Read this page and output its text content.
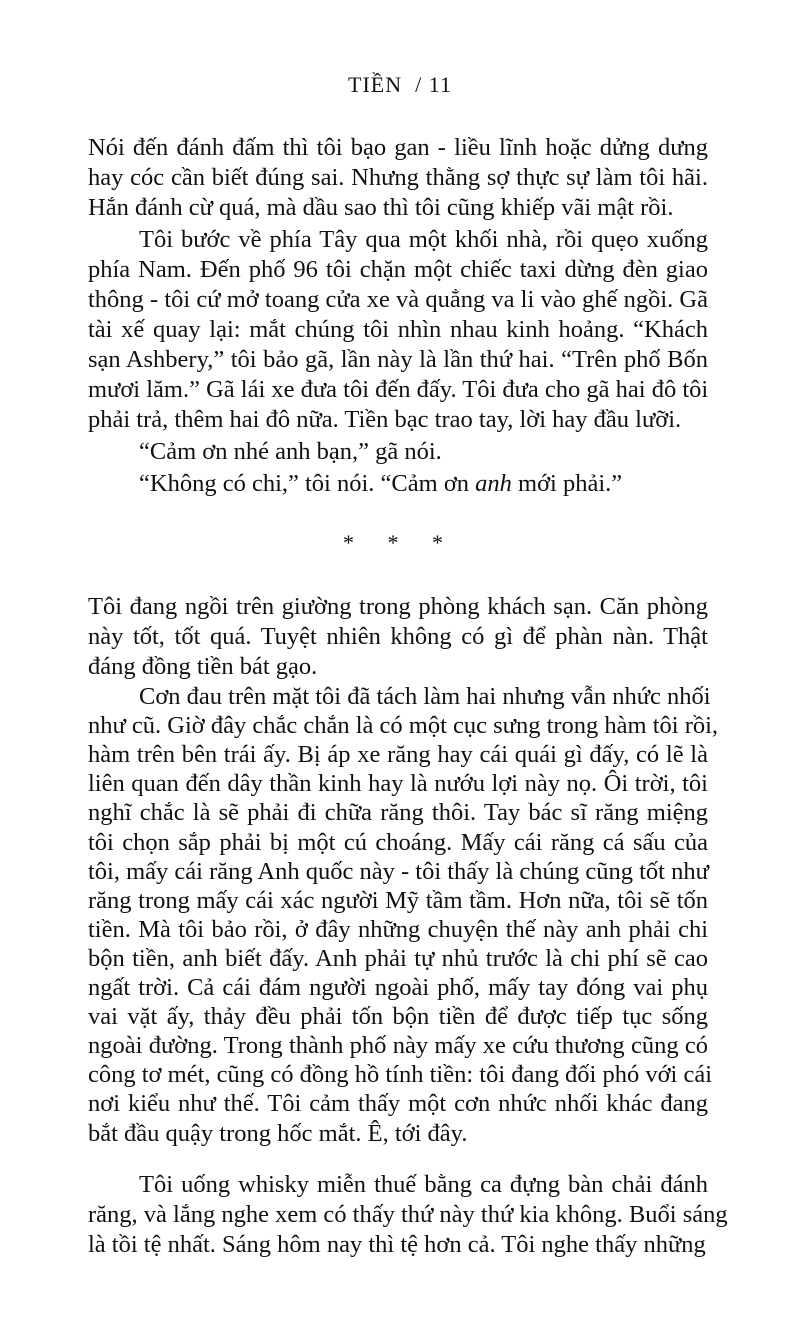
TIỀN / 11
Nói đến đánh đấm thì tôi bạo gan - liều lĩnh hoặc dửng dưng
hay cóc cần biết đúng sai. Nhưng thằng sợ thực sự làm tôi hãi.
Hắn đánh cừ quá, mà dầu sao thì tôi cũng khiếp vãi mật rồi.
Tôi bước về phía Tây qua một khối nhà, rồi quẹo xuống
phía Nam. Đến phố 96 tôi chặn một chiếc taxi dừng đèn giao
thông - tôi cứ mở toang cửa xe và quẳng va li vào ghế ngồi. Gã
tài xế quay lại: mắt chúng tôi nhìn nhau kinh hoảng. “Khách
sạn Ashbery,” tôi bảo gã, lần này là lần thứ hai. “Trên phố Bốn
mươi lăm.” Gã lái xe đưa tôi đến đấy. Tôi đưa cho gã hai đô tôi
phải trả, thêm hai đô nữa. Tiền bạc trao tay, lời hay đầu lưỡi.
“Cảm ơn nhé anh bạn,” gã nói.
“Không có chi,” tôi nói. “Cảm ơn anh mới phải.”
Tôi đang ngồi trên giường trong phòng khách sạn. Căn phòng
này tốt, tốt quá. Tuyệt nhiên không có gì để phàn nàn. Thật
đáng đồng tiền bát gạo.
Cơn đau trên mặt tôi đã tách làm hai nhưng vẫn nhức nhối
như cũ. Giờ đây chắc chắn là có một cục sưng trong hàm tôi rồi,
hàm trên bên trái ấy. Bị áp xe răng hay cái quái gì đấy, có lẽ là
liên quan đến dây thần kinh hay là nướu lợi này nọ. Ôi trời, tôi
nghĩ chắc là sẽ phải đi chữa răng thôi. Tay bác sĩ răng miệng
tôi chọn sắp phải bị một cú choáng. Mấy cái răng cá sấu của
tôi, mấy cái răng Anh quốc này - tôi thấy là chúng cũng tốt như
răng trong mấy cái xác người Mỹ tầm tầm. Hơn nữa, tôi sẽ tốn
tiền. Mà tôi bảo rồi, ở đây những chuyện thế này anh phải chi
bộn tiền, anh biết đấy. Anh phải tự nhủ trước là chi phí sẽ cao
ngất trời. Cả cái đám người ngoài phố, mấy tay đóng vai phụ
vai vặt ấy, thảy đều phải tốn bộn tiền để được tiếp tục sống
ngoài đường. Trong thành phố này mấy xe cứu thương cũng có
công tơ mét, cũng có đồng hồ tính tiền: tôi đang đối phó với cái
nơi kiểu như thế. Tôi cảm thấy một cơn nhức nhối khác đang
bắt đầu quậy trong hốc mắt. Ê, tới đây.
Tôi uống whisky miễn thuế bằng ca đựng bàn chải đánh
răng, và lắng nghe xem có thấy thứ này thứ kia không. Buổi sáng
là tồi tệ nhất. Sáng hôm nay thì tệ hơn cả. Tôi nghe thấy những
* * *
